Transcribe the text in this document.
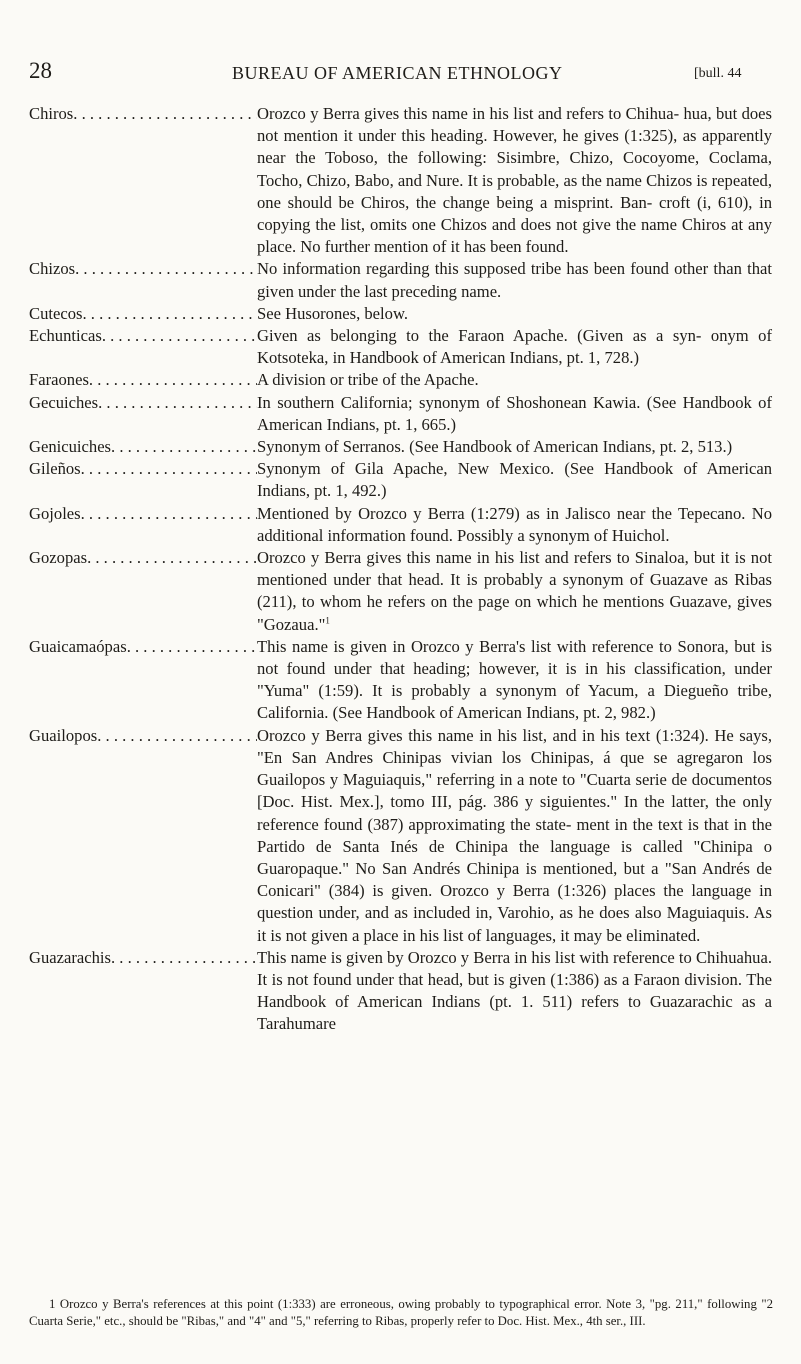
28	BUREAU OF AMERICAN ETHNOLOGY	[bull. 44
Chiros . . .	Orozco y Berra gives this name in his list and refers to Chihua- hua, but does not mention it under this heading. However, he gives (1:325), as apparently near the Toboso, the following: Sisimbre, Chizo, Cocoyome, Coclama, Tocho, Chizo, Babo, and Nure. It is probable, as the name Chizos is repeated, one should be Chiros, the change being a misprint. Ban- croft (i, 610), in copying the list, omits one Chizos and does not give the name Chiros at any place. No further mention of it has been found.
Chizos . . .	No information regarding this supposed tribe has been found other than that given under the last preceding name.
Cutecos . . .	See Husorones, below.
Echunticas . . .	Given as belonging to the Faraon Apache. (Given as a syn- onym of Kotsoteka, in Handbook of American Indians, pt. 1, 728.)
Faraones . . .	A division or tribe of the Apache.
Gecuiches . . .	In southern California; synonym of Shoshonean Kawia. (See Handbook of American Indians, pt. 1, 665.)
Genicuiches . . .	Synonym of Serranos. (See Handbook of American Indians, pt. 2, 513.)
Gileños . . .	Synonym of Gila Apache, New Mexico. (See Handbook of American Indians, pt. 1, 492.)
Gojoles . . .	Mentioned by Orozco y Berra (1:279) as in Jalisco near the Tepecano. No additional information found. Possibly a synonym of Huichol.
Gozopas . . .	Orozco y Berra gives this name in his list and refers to Sinaloa, but it is not mentioned under that head. It is probably a synonym of Guazave as Ribas (211), to whom he refers on the page on which he mentions Guazave, gives "Gozaua."$^1$
Guaicamaópas . . .	This name is given in Orozco y Berra's list with reference to Sonora, but is not found under that heading; however, it is in his classification, under "Yuma" (1:59). It is probably a synonym of Yacum, a Diegueño tribe, California. (See Handbook of American Indians, pt. 2, 982.)
Guailopos . . .	Orozco y Berra gives this name in his list, and in his text (1:324). He says, "En San Andres Chinipas vivian los Chinipas, á que se agregaron los Guailopos y Maguiaquis," referring in a note to "Cuarta serie de documentos [Doc. Hist. Mex.], tomo III, pág. 386 y siguientes." In the latter, the only reference found (387) approximating the state- ment in the text is that in the Partido de Santa Inés de Chinipa the language is called "Chinipa o Guaropaque." No San Andrés Chinipa is mentioned, but a "San Andrés de Conicari" (384) is given. Orozco y Berra (1:326) places the language in question under, and as included in, Varohio, as he does also Maguiaquis. As it is not given a place in his list of languages, it may be eliminated.
Guazarachis . . .	This name is given by Orozco y Berra in his list with reference to Chihuahua. It is not found under that head, but is given (1:386) as a Faraon division. The Handbook of American Indians (pt. 1. 511) refers to Guazarachic as a Tarahumare
1 Orozco y Berra's references at this point (1:333) are erroneous, owing probably to typographical error. Note 3, "pg. 211," following "2 Cuarta Serie," etc., should be "Ribas," and "4" and "5," referring to Ribas, properly refer to Doc. Hist. Mex., 4th ser., III.
